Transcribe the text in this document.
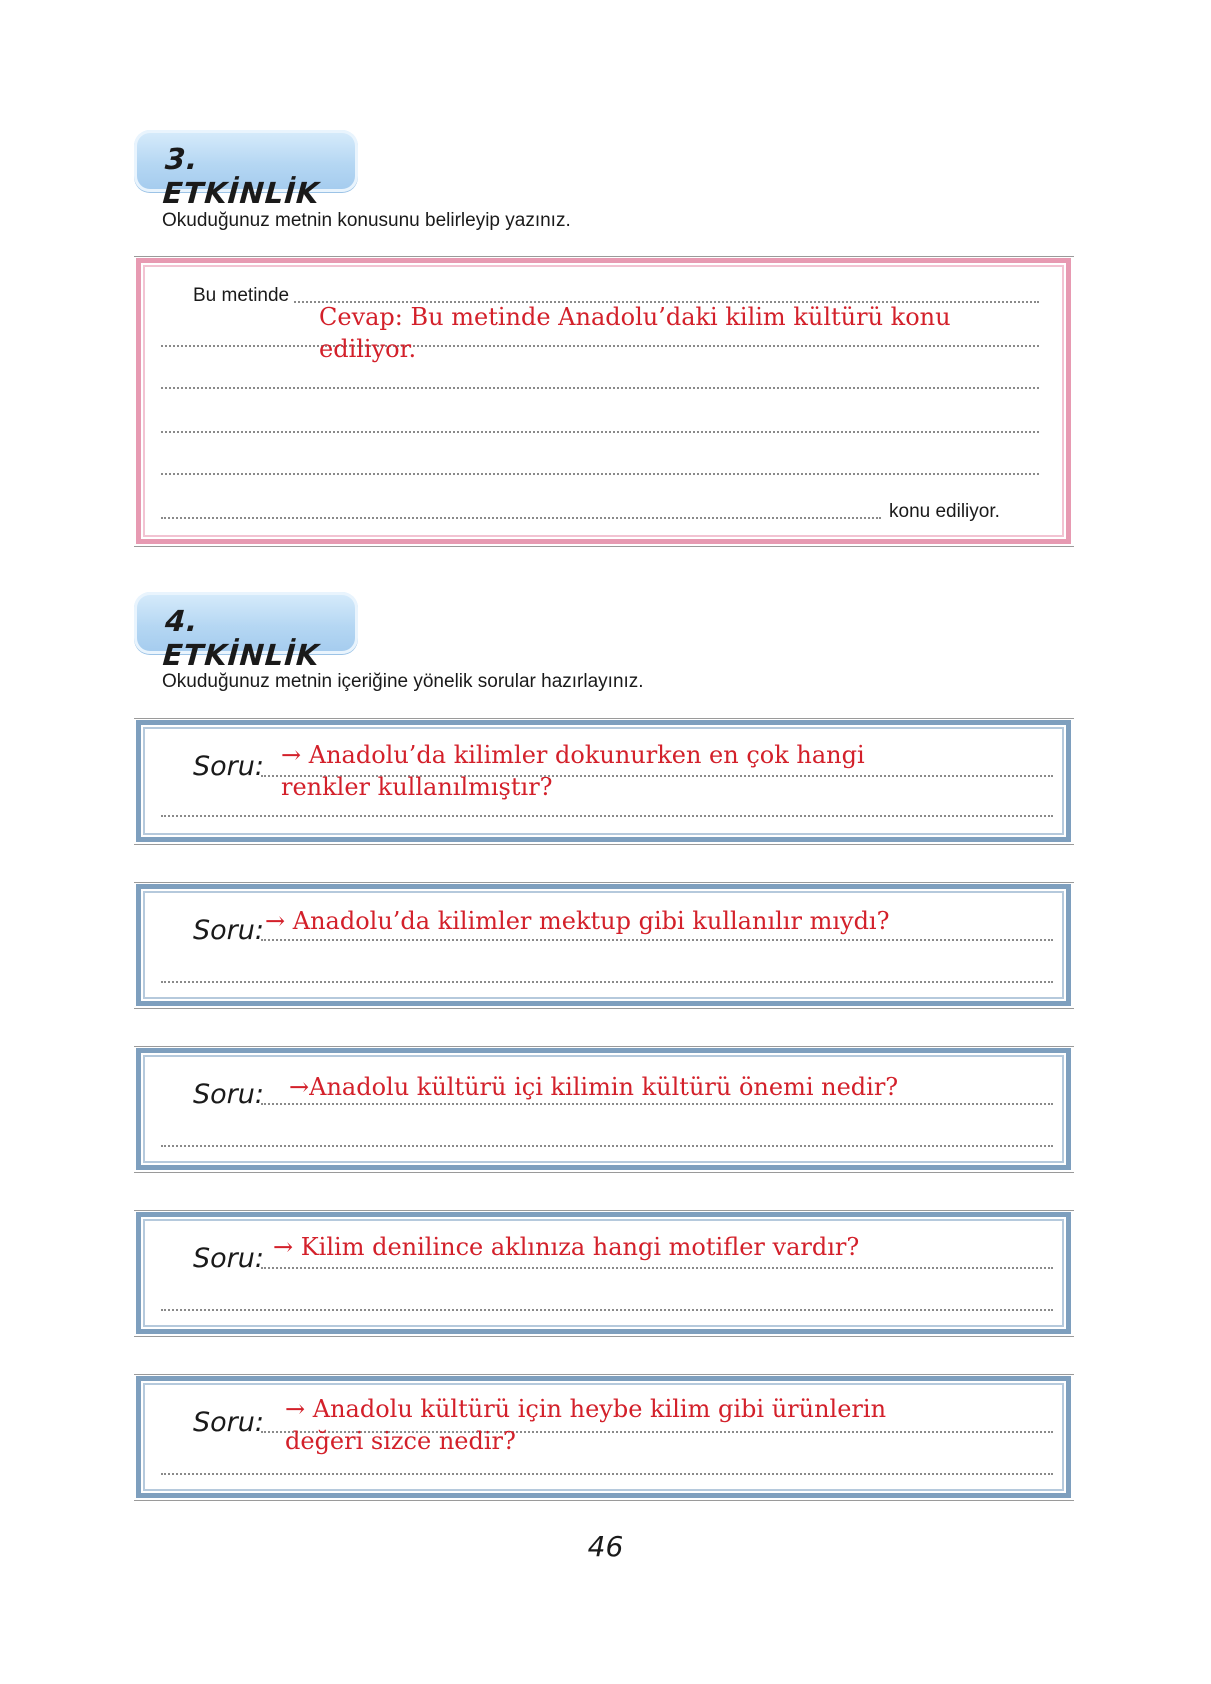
3. ETKİNLİK
Okuduğunuz metnin konusunu belirleyip yazınız.
Bu metinde
konu ediliyor.
Cevap: Bu metinde Anadolu’daki kilim kültürü konu
ediliyor.
4. ETKİNLİK
Okuduğunuz metnin içeriğine yönelik sorular hazırlayınız.
Soru: → Anadolu’da kilimler dokunurken en çok hangi
renkler kullanılmıştır?
Soru: → Anadolu’da kilimler mektup gibi kullanılır mıydı?
Soru: →Anadolu kültürü içi kilimin kültürü önemi nedir?
Soru: → Kilim denilince aklınıza hangi motifler vardır?
Soru: → Anadolu kültürü için heybe kilim gibi ürünlerin
değeri sizce nedir?
46
